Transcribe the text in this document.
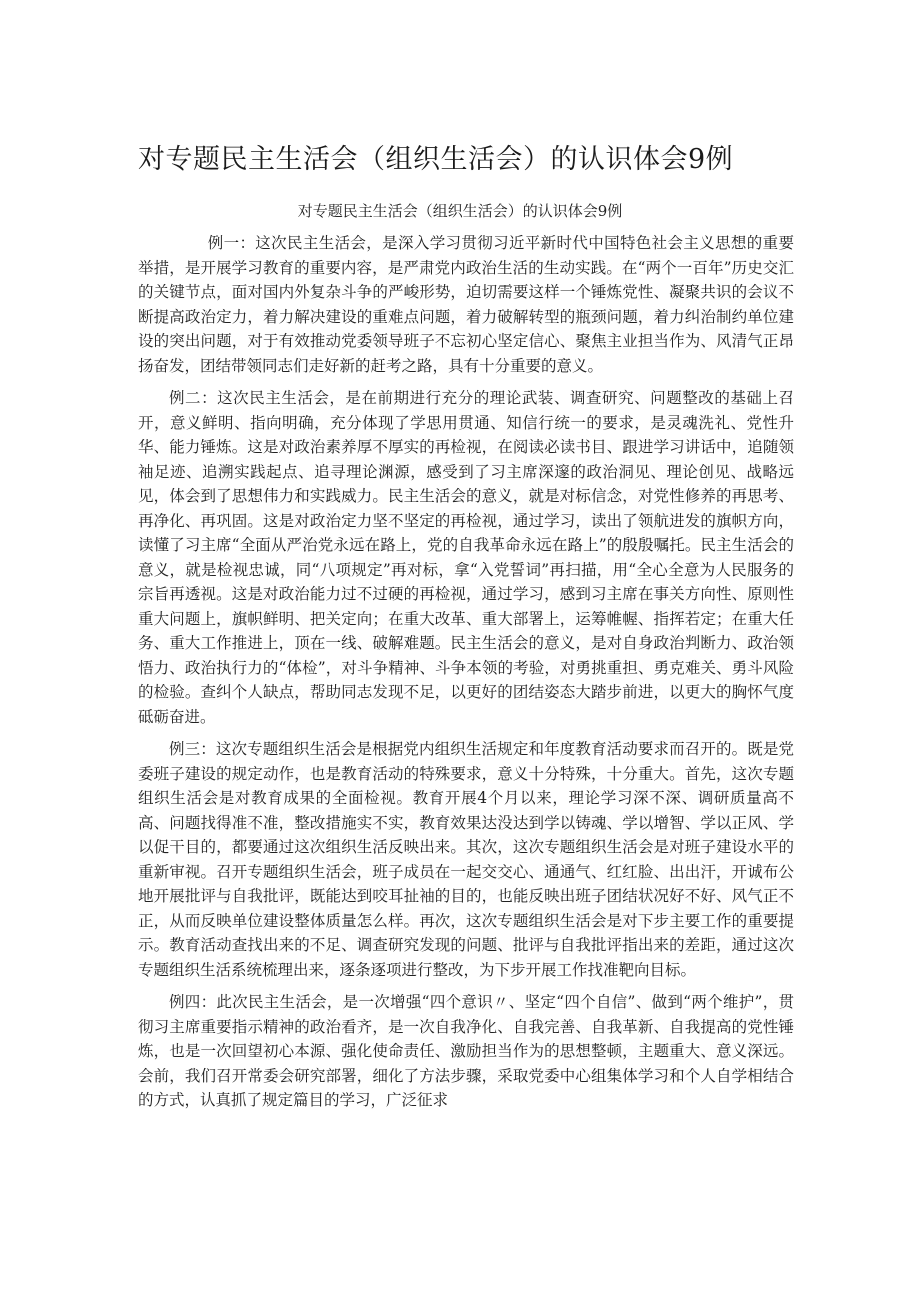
对专题民主生活会（组织生活会）的认识体会9例
对专题民主生活会（组织生活会）的认识体会9例

例一：这次民主生活会，是深入学习贯彻习近平新时代中国特色社会主义思想的重要举措，是开展学习教育的重要内容，是严肃党内政治生活的生动实践。在“两个一百年”历史交汇的关键节点，面对国内外复杂斗争的严峻形势，迫切需要这样一个锤炼党性、凝聚共识的会议不断提高政治定力，着力解决建设的重难点问题，着力破解转型的瓶颈问题，着力纠治制约单位建设的突出问题，对于有效推动党委领导班子不忘初心坚定信心、聚焦主业担当作为、风清气正昂扬奋发，团结带领同志们走好新的赶考之路，具有十分重要的意义。

例二：这次民主生活会，是在前期进行充分的理论武装、调查研究、问题整改的基础上召开，意义鲜明、指向明确，充分体现了学思用贯通、知信行统一的要求，是灵魂洗礼、党性升华、能力锤炼。这是对政治素养厚不厚实的再检视，在阅读必读书目、跟进学习讲话中，追随领袖足迹、追溯实践起点、追寻理论渊源，感受到了习主席深邃的政治洞见、理论创见、战略远见，体会到了思想伟力和实践威力。民主生活会的意义，就是对标信念，对党性修养的再思考、再净化、再巩固。这是对政治定力坚不坚定的再检视，通过学习，读出了领航进发的旗帜方向，读懂了习主席“全面从严治党永远在路上，党的自我革命永远在路上”的殷殷嘱托。民主生活会的意义，就是检视忠诚，同“八项规定”再对标，拿“入党誓词”再扫描，用“全心全意为人民服务的宗旨再透视。这是对政治能力过不过硬的再检视，通过学习，感到习主席在事关方向性、原则性重大问题上，旗帜鲜明、把关定向；在重大改革、重大部署上，运筹帷幄、指挥若定；在重大任务、重大工作推进上，顶在一线、破解难题。民主生活会的意义，是对自身政治判断力、政治领悟力、政治执行力的“体检”，对斗争精神、斗争本领的考验，对勇挑重担、勇克难关、勇斗风险的检验。查纠个人缺点，帮助同志发现不足，以更好的团结姿态大踏步前进，以更大的胸怀气度砥砺奋进。

例三：这次专题组织生活会是根据党内组织生活规定和年度教育活动要求而召开的。既是党委班子建设的规定动作，也是教育活动的特殊要求，意义十分特殊，十分重大。首先，这次专题组织生活会是对教育成果的全面检视。教育开展4个月以来，理论学习深不深、调研质量高不高、问题找得准不准，整改措施实不实，教育效果达没达到学以铸魂、学以增智、学以正风、学以促干目的，都要通过这次组织生活反映出来。其次，这次专题组织生活会是对班子建设水平的重新审视。召开专题组织生活会，班子成员在一起交交心、通通气、红红脸、出出汗，开诚布公地开展批评与自我批评，既能达到咬耳扯袖的目的，也能反映出班子团结状况好不好、风气正不正，从而反映单位建设整体质量怎么样。再次，这次专题组织生活会是对下步主要工作的重要提示。教育活动查找出来的不足、调查研究发现的问题、批评与自我批评指出来的差距，通过这次专题组织生活系统梳理出来，逐条逐项进行整改，为下步开展工作找准靶向目标。

例四：此次民主生活会，是一次增强“四个意识〃、坚定“四个自信”、做到“两个维护”，贯彻习主席重要指示精神的政治看齐，是一次自我净化、自我完善、自我革新、自我提高的党性锤炼，也是一次回望初心本源、强化使命责任、激励担当作为的思想整顿，主题重大、意义深远。会前，我们召开常委会研究部署，细化了方法步骤，采取党委中心组集体学习和个人自学相结合的方式，认真抓了规定篇目的学习，广泛征求
